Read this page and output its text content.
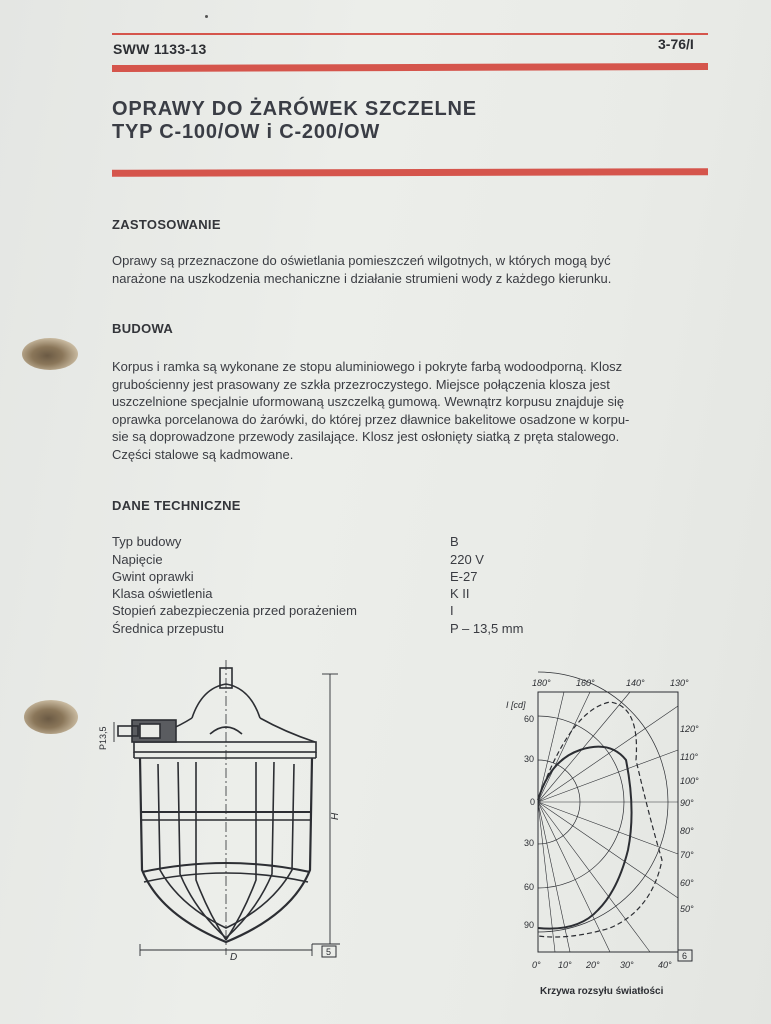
SWW 1133-13	3-76/I
OPRAWY DO ŻARÓWEK SZCZELNE
TYP C-100/OW i C-200/OW
ZASTOSOWANIE
Oprawy są przeznaczone do oświetlania pomieszczeń wilgotnych, w których mogą być
narażone na uszkodzenia mechaniczne i działanie strumieni wody z każdego kierunku.
BUDOWA
Korpus i ramka są wykonane ze stopu aluminiowego i pokryte farbą wodoodporną. Klosz
grubościenny jest prasowany ze szkła przezroczystego. Miejsce połączenia klosza jest
uszczelnione specjalnie uformowaną uszczelką gumową. Wewnątrz korpusu znajduje się
oprawka porcelanowa do żarówki, do której przez dławnice bakelitowe osadzone w korpu-
sie są doprowadzone przewody zasilające. Klosz jest osłonięty siatką z pręta stalowego.
Części stalowe są kadmowane.
DANE TECHNICZNE
Typ budowy	B
Napięcie	220 V
Gwint oprawki	E-27
Klasa oświetlenia	K II
Stopień zabezpieczenia przed porażeniem	I
Średnica przepustu	P – 13,5 mm
P13,5
H
D	5
I [cd]
90
60
30
0
30
60
180°	160°	140°	130°
120°
110°
100°
90°
80°
70°
60°
50°
0° 10° 20° 30°	40°
6
Krzywa rozsyłu światłości
